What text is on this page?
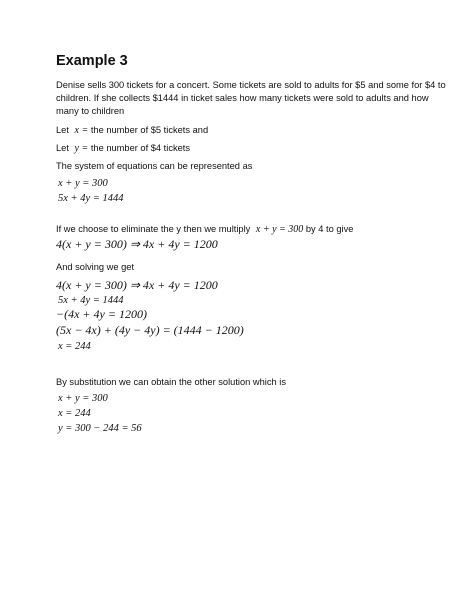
Example 3
Denise sells 300 tickets for a concert. Some tickets are sold to adults for $5 and some for $4 to
children. If she collects $1444 in ticket sales how many tickets were sold to adults and how
many to children
Let x = the number of $5 tickets and
Let y = the number of $4 tickets
The system of equations can be represented as
x + y = 300
5x + 4y = 1444
If we choose to eliminate the y then we multiply x + y = 300 by 4 to give
4(x + y = 300) ⇒ 4x + 4y = 1200
And solving we get
4(x + y = 300) ⇒ 4x + 4y = 1200
5x + 4y = 1444
−(4x + 4y = 1200)
(5x − 4x) + (4y − 4y) = (1444 − 1200)
x = 244
By substitution we can obtain the other solution which is
x + y = 300
x = 244
y = 300 − 244 = 56
